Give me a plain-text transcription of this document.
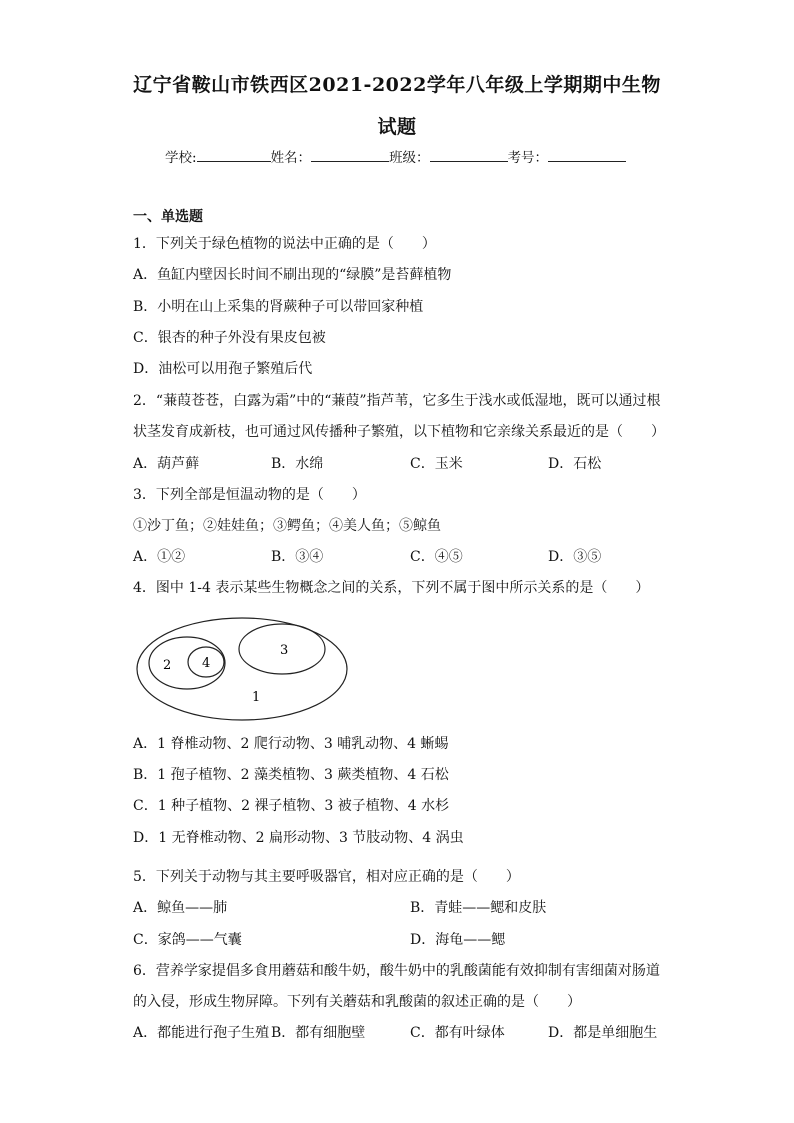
辽宁省鞍山市铁西区2021-2022学年八年级上学期期中生物
试题
学校:	姓名：	班级：	考号：
一、单选题
1．下列关于绿色植物的说法中正确的是（　　）
A．鱼缸内壁因长时间不刷出现的“绿膜”是苔藓植物
B．小明在山上采集的肾蕨种子可以带回家种植
C．银杏的种子外没有果皮包被
D．油松可以用孢子繁殖后代
2．“蒹葭苍苍，白露为霜”中的“蒹葭”指芦苇，它多生于浅水或低湿地，既可以通过根
状茎发育成新枝，也可通过风传播种子繁殖，以下植物和它亲缘关系最近的是（　　）
A．葫芦藓	B．水绵	C．玉米	D．石松
3．下列全部是恒温动物的是（　　）
①沙丁鱼；②娃娃鱼；③鳄鱼；④美人鱼；⑤鲸鱼
A．①②	B．③④	C．④⑤	D．③⑤
4．图中 1-4 表示某些生物概念之间的关系，下列不属于图中所示关系的是（　　）
1
2
3
4
A．1 脊椎动物、2 爬行动物、3 哺乳动物、4 蜥蜴
B．1 孢子植物、2 藻类植物、3 蕨类植物、4 石松
C．1 种子植物、2 裸子植物、3 被子植物、4 水杉
D．1 无脊椎动物、2 扁形动物、3 节肢动物、4 涡虫
5．下列关于动物与其主要呼吸器官，相对应正确的是（　　）
A．鲸鱼——肺	B．青蛙——鳃和皮肤
C．家鸽——气囊	D．海龟——鳃
6．营养学家提倡多食用蘑菇和酸牛奶，酸牛奶中的乳酸菌能有效抑制有害细菌对肠道
的入侵，形成生物屏障。下列有关蘑菇和乳酸菌的叙述正确的是（　　）
A．都能进行孢子生殖 B．都有细胞壁	C．都有叶绿体	D．都是单细胞生
